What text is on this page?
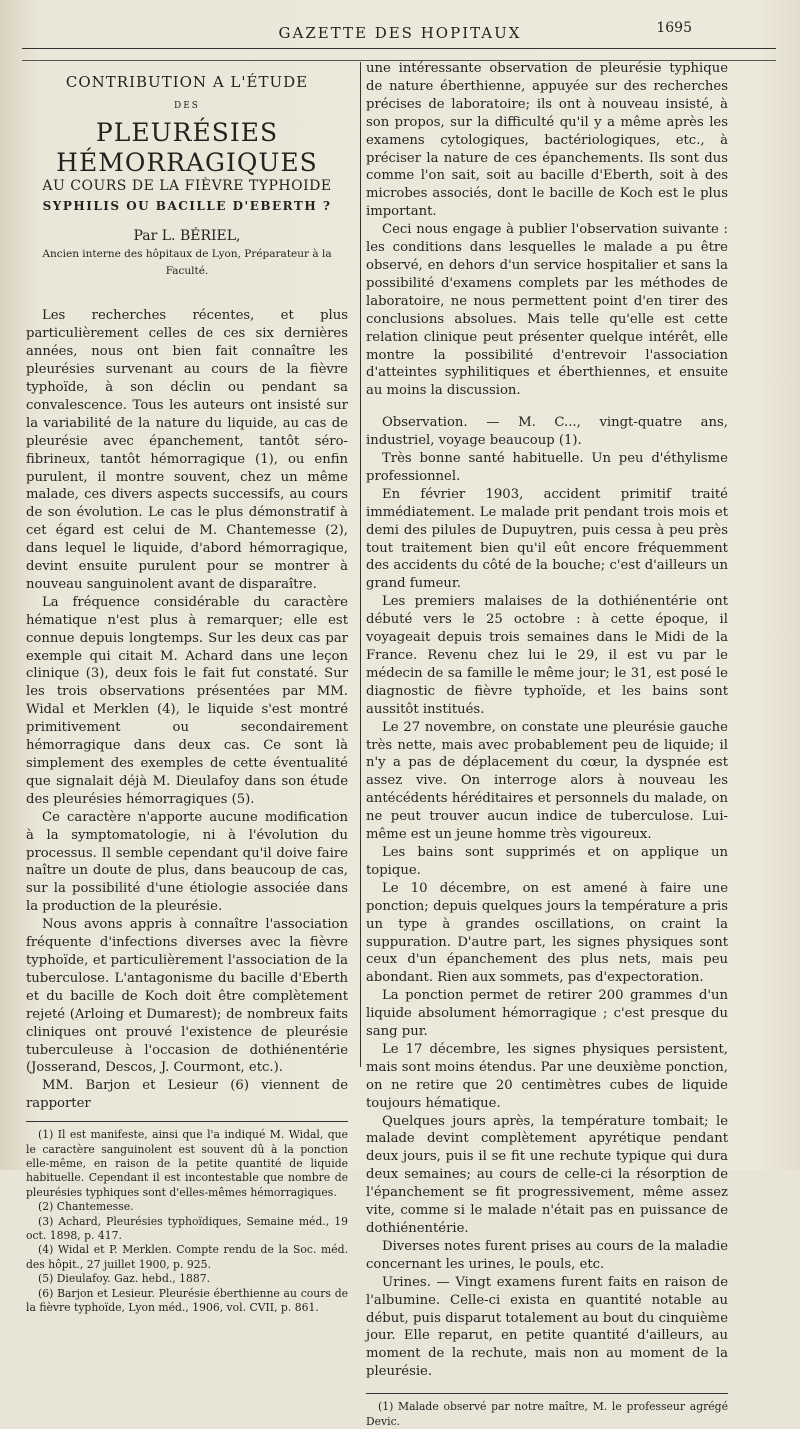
GAZETTE DES HOPITAUX	1695

CONTRIBUTION A L'ÉTUDE

DES

PLEURÉSIES HÉMORRAGIQUES

AU COURS DE LA FIÈVRE TYPHOIDE

SYPHILIS OU BACILLE D'EBERTH ?

Par L. BÉRIEL,

Ancien interne des hôpitaux de Lyon, Préparateur à la Faculté.

Les recherches récentes, et plus particulièrement celles de ces six dernières années, nous ont bien fait connaître les pleurésies survenant au cours de la fièvre typhoïde, à son déclin ou pendant sa convalescence. Tous les auteurs ont insisté sur la variabilité de la nature du liquide, au cas de pleurésie avec épanchement, tantôt séro-fibrineux, tantôt hémorragique (1), ou enfin purulent, il montre souvent, chez un même malade, ces divers aspects successifs, au cours de son évolution. Le cas le plus démonstratif à cet égard est celui de M. Chantemesse (2), dans lequel le liquide, d'abord hémorragique, devint ensuite purulent pour se montrer à nouveau sanguinolent avant de disparaître.

La fréquence considérable du caractère hématique n'est plus à remarquer; elle est connue depuis longtemps. Sur les deux cas par exemple qui citait M. Achard dans une leçon clinique (3), deux fois le fait fut constaté. Sur les trois observations présentées par MM. Widal et Merklen (4), le liquide s'est montré primitivement ou secondairement hémorragique dans deux cas. Ce sont là simplement des exemples de cette éventualité que signalait déjà M. Dieulafoy dans son étude des pleurésies hémorragiques (5).

Ce caractère n'apporte aucune modification à la symptomatologie, ni à l'évolution du processus. Il semble cependant qu'il doive faire naître un doute de plus, dans beaucoup de cas, sur la possibilité d'une étiologie associée dans la production de la pleurésie.

Nous avons appris à connaître l'association fréquente d'infections diverses avec la fièvre typhoïde, et particulièrement l'association de la tuberculose. L'antagonisme du bacille d'Eberth et du bacille de Koch doit être complètement rejeté (Arloing et Dumarest); de nombreux faits cliniques ont prouvé l'existence de pleurésie tuberculeuse à l'occasion de dothiénentérie (Josserand, Descos, J. Courmont, etc.).

MM. Barjon et Lesieur (6) viennent de rapporter

(1) Il est manifeste, ainsi que l'a indiqué M. Widal, que le caractère sanguinolent est souvent dû à la ponction elle-même, en raison de la petite quantité de liquide habituelle. Cependant il est incontestable que nombre de pleurésies typhiques sont d'elles-mêmes hémorragiques.

(2) Chantemesse.

(3) Achard, Pleurésies typhoïdiques, Semaine méd., 19 oct. 1898, p. 417.

(4) Widal et P. Merklen. Compte rendu de la Soc. méd. des hôpit., 27 juillet 1900, p. 925.

(5) Dieulafoy. Gaz. hebd., 1887.

(6) Barjon et Lesieur. Pleurésie éberthienne au cours de la fièvre typhoïde, Lyon méd., 1906, vol. CVII, p. 861.

une intéressante observation de pleurésie typhique de nature éberthienne, appuyée sur des recherches précises de laboratoire; ils ont à nouveau insisté, à son propos, sur la difficulté qu'il y a même après les examens cytologiques, bactériologiques, etc., à préciser la nature de ces épanchements. Ils sont dus comme l'on sait, soit au bacille d'Eberth, soit à des microbes associés, dont le bacille de Koch est le plus important.

Ceci nous engage à publier l'observation suivante : les conditions dans lesquelles le malade a pu être observé, en dehors d'un service hospitalier et sans la possibilité d'examens complets par les méthodes de laboratoire, ne nous permettent point d'en tirer des conclusions absolues. Mais telle qu'elle est cette relation clinique peut présenter quelque intérêt, elle montre la possibilité d'entrevoir l'association d'atteintes syphilitiques et éberthiennes, et ensuite au moins la discussion.

Observation. — M. C..., vingt-quatre ans, industriel, voyage beaucoup (1).

Très bonne santé habituelle. Un peu d'éthylisme professionnel.

En février 1903, accident primitif traité immédiatement. Le malade prit pendant trois mois et demi des pilules de Dupuytren, puis cessa à peu près tout traitement bien qu'il eût encore fréquemment des accidents du côté de la bouche; c'est d'ailleurs un grand fumeur.

Les premiers malaises de la dothiénentérie ont débuté vers le 25 octobre : à cette époque, il voyageait depuis trois semaines dans le Midi de la France. Revenu chez lui le 29, il est vu par le médecin de sa famille le même jour; le 31, est posé le diagnostic de fièvre typhoïde, et les bains sont aussitôt institués.

Le 27 novembre, on constate une pleurésie gauche très nette, mais avec probablement peu de liquide; il n'y a pas de déplacement du cœur, la dyspnée est assez vive. On interroge alors à nouveau les antécédents héréditaires et personnels du malade, on ne peut trouver aucun indice de tuberculose. Lui-même est un jeune homme très vigoureux.

Les bains sont supprimés et on applique un topique.

Le 10 décembre, on est amené à faire une ponction; depuis quelques jours la température a pris un type à grandes oscillations, on craint la suppuration. D'autre part, les signes physiques sont ceux d'un épanchement des plus nets, mais peu abondant. Rien aux sommets, pas d'expectoration.

La ponction permet de retirer 200 grammes d'un liquide absolument hémorragique ; c'est presque du sang pur.

Le 17 décembre, les signes physiques persistent, mais sont moins étendus. Par une deuxième ponction, on ne retire que 20 centimètres cubes de liquide toujours hématique.

Quelques jours après, la température tombait; le malade devint complètement apyrétique pendant deux jours, puis il se fit une rechute typique qui dura deux semaines; au cours de celle-ci la résorption de l'épanchement se fit progressivement, même assez vite, comme si le malade n'était pas en puissance de dothiénentérie.

Diverses notes furent prises au cours de la maladie concernant les urines, le pouls, etc.

Urines. — Vingt examens furent faits en raison de l'albumine. Celle-ci exista en quantité notable au début, puis disparut totalement au bout du cinquième jour. Elle reparut, en petite quantité d'ailleurs, au moment de la rechute, mais non au moment de la pleurésie.

(1) Malade observé par notre maître, M. le professeur agrégé Devic.
